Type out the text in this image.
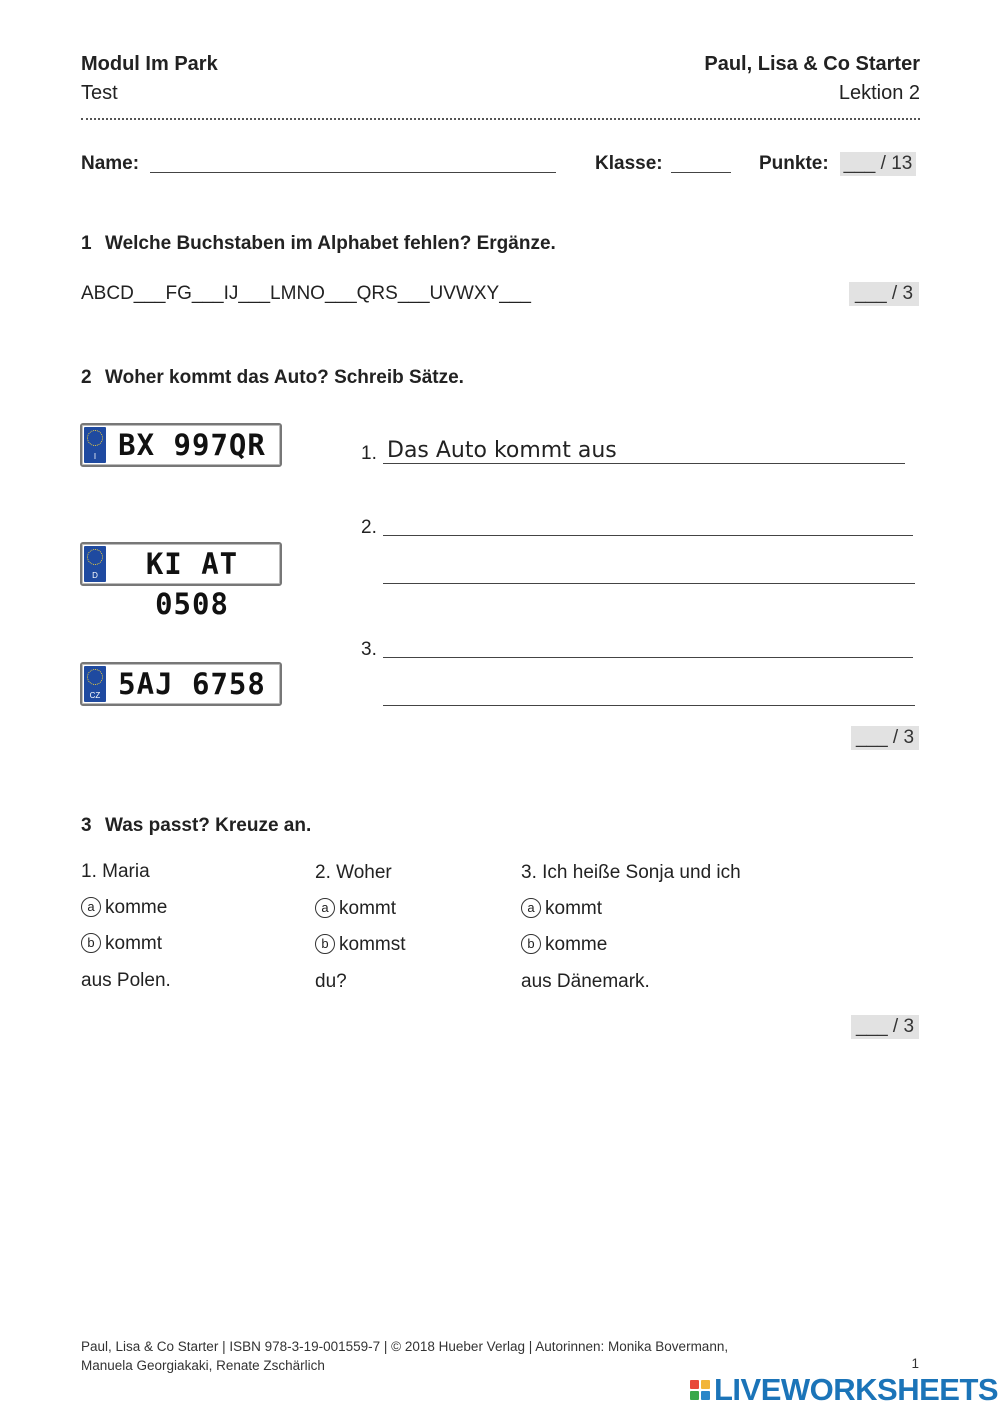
Modul Im Park
Test
Paul, Lisa & Co Starter
Lektion 2
Name:	Klasse:	Punkte: ___ / 13
1 Welche Buchstaben im Alphabet fehlen? Ergänze.
ABCD___FG___IJ___LMNO___QRS___UVWXY___	___ / 3
2 Woher kommt das Auto? Schreib Sätze.
I BX 997QR
D	KI AT 0508
CZ 5AJ 6758
1. Das Auto kommt aus
2.
3.
___ / 3
3 Was passt? Kreuze an.
1. Maria
a komme
b kommt
aus Polen.
2. Woher
a kommt
b kommst
du?
3. Ich heiße Sonja und ich
a kommt
b komme
aus Dänemark.
___ / 3
Paul, Lisa & Co Starter | ISBN 978-3-19-001559-7 | © 2018 Hueber Verlag | Autorinnen: Monika Bovermann,
Manuela Georgiakaki, Renate Zschärlich	1
LIVEWORKSHEETS
